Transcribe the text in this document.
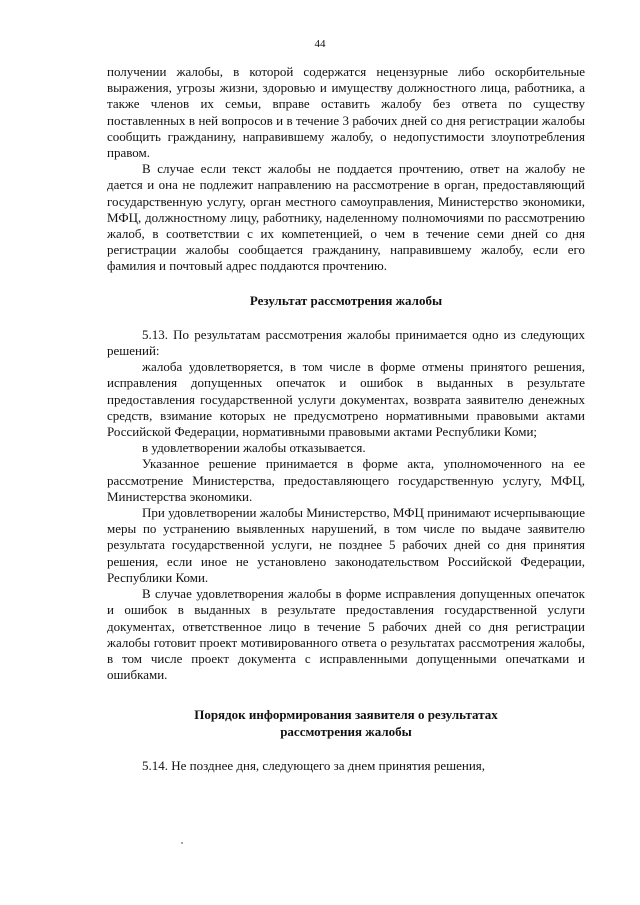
44

получении жалобы, в которой содержатся нецензурные либо оскорбительные выражения, угрозы жизни, здоровью и имуществу должностного лица, работника, а также членов их семьи, вправе оставить жалобу без ответа по существу поставленных в ней вопросов и в течение 3 рабочих дней со дня регистрации жалобы сообщить гражданину, направившему жалобу, о недопустимости злоупотребления правом.

В случае если текст жалобы не поддается прочтению, ответ на жалобу не дается и она не подлежит направлению на рассмотрение в орган, предоставляющий государственную услугу, орган местного самоуправления, Министерство экономики, МФЦ, должностному лицу, работнику, наделенному полномочиями по рассмотрению жалоб, в соответствии с их компетенцией, о чем в течение семи дней со дня регистрации жалобы сообщается гражданину, направившему жалобу, если его фамилия и почтовый адрес поддаются прочтению.

Результат рассмотрения жалобы

5.13. По результатам рассмотрения жалобы принимается одно из следующих решений:

жалоба удовлетворяется, в том числе в форме отмены принятого решения, исправления допущенных опечаток и ошибок в выданных в результате предоставления государственной услуги документах, возврата заявителю денежных средств, взимание которых не предусмотрено нормативными правовыми актами Российской Федерации, нормативными правовыми актами Республики Коми;

в удовлетворении жалобы отказывается.

Указанное решение принимается в форме акта, уполномоченного на ее рассмотрение Министерства, предоставляющего государственную услугу, МФЦ, Министерства экономики.

При удовлетворении жалобы Министерство, МФЦ принимают исчерпывающие меры по устранению выявленных нарушений, в том числе по выдаче заявителю результата государственной услуги, не позднее 5 рабочих дней со дня принятия решения, если иное не установлено законодательством Российской Федерации, Республики Коми.

В случае удовлетворения жалобы в форме исправления допущенных опечаток и ошибок в выданных в результате предоставления государственной услуги документах, ответственное лицо в течение 5 рабочих дней со дня регистрации жалобы готовит проект мотивированного ответа о результатах рассмотрения жалобы, в том числе проект документа с исправленными допущенными опечатками и ошибками.

Порядок информирования заявителя о результатах

рассмотрения жалобы

5.14. Не позднее дня, следующего за днем принятия решения,
